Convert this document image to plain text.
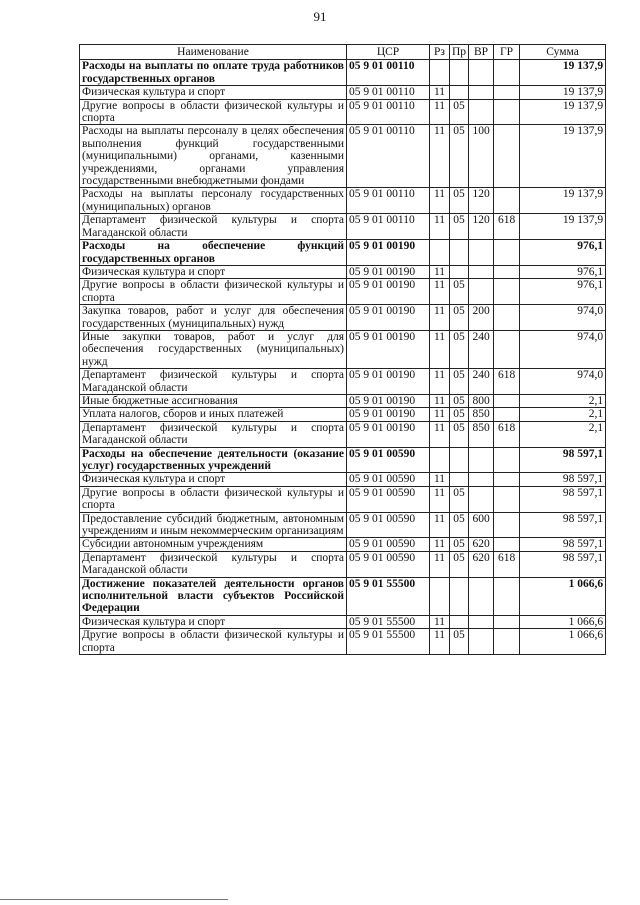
91
Наименование	ЦСР	Рз	Пр	ВР	ГР	Сумма
Расходы на выплаты по оплате труда работников государственных органов	05 9 01 00110					19 137,9
Физическая культура и спорт	05 9 01 00110	11				19 137,9
Другие вопросы в области физической культуры и спорта	05 9 01 00110	11	05			19 137,9
Расходы на выплаты персоналу в целях обеспечения выполнения функций государственными (муниципальными) органами, казенными учреждениями, органами управления государственными внебюджетными фондами	05 9 01 00110	11	05	100		19 137,9
Расходы на выплаты персоналу государственных (муниципальных) органов	05 9 01 00110	11	05	120		19 137,9
Департамент физической культуры и спорта Магаданской области	05 9 01 00110	11	05	120	618	19 137,9
Расходы на обеспечение функций государственных органов	05 9 01 00190					976,1
Физическая культура и спорт	05 9 01 00190	11				976,1
Другие вопросы в области физической культуры и спорта	05 9 01 00190	11	05			976,1
Закупка товаров, работ и услуг для обеспечения государственных (муниципальных) нужд	05 9 01 00190	11	05	200		974,0
Иные закупки товаров, работ и услуг для обеспечения государственных (муниципальных) нужд	05 9 01 00190	11	05	240		974,0
Департамент физической культуры и спорта Магаданской области	05 9 01 00190	11	05	240	618	974,0
Иные бюджетные ассигнования	05 9 01 00190	11	05	800		2,1
Уплата налогов, сборов и иных платежей	05 9 01 00190	11	05	850		2,1
Департамент физической культуры и спорта Магаданской области	05 9 01 00190	11	05	850	618	2,1
Расходы на обеспечение деятельности (оказание услуг) государственных учреждений	05 9 01 00590					98 597,1
Физическая культура и спорт	05 9 01 00590	11				98 597,1
Другие вопросы в области физической культуры и спорта	05 9 01 00590	11	05			98 597,1
Предоставление субсидий бюджетным, автономным учреждениям и иным некоммерческим организациям	05 9 01 00590	11	05	600		98 597,1
Субсидии автономным учреждениям	05 9 01 00590	11	05	620		98 597,1
Департамент физической культуры и спорта Магаданской области	05 9 01 00590	11	05	620	618	98 597,1
Достижение показателей деятельности органов исполнительной власти субъектов Российской Федерации	05 9 01 55500					1 066,6
Физическая культура и спорт	05 9 01 55500	11				1 066,6
Другие вопросы в области физической культуры и спорта	05 9 01 55500	11	05			1 066,6
